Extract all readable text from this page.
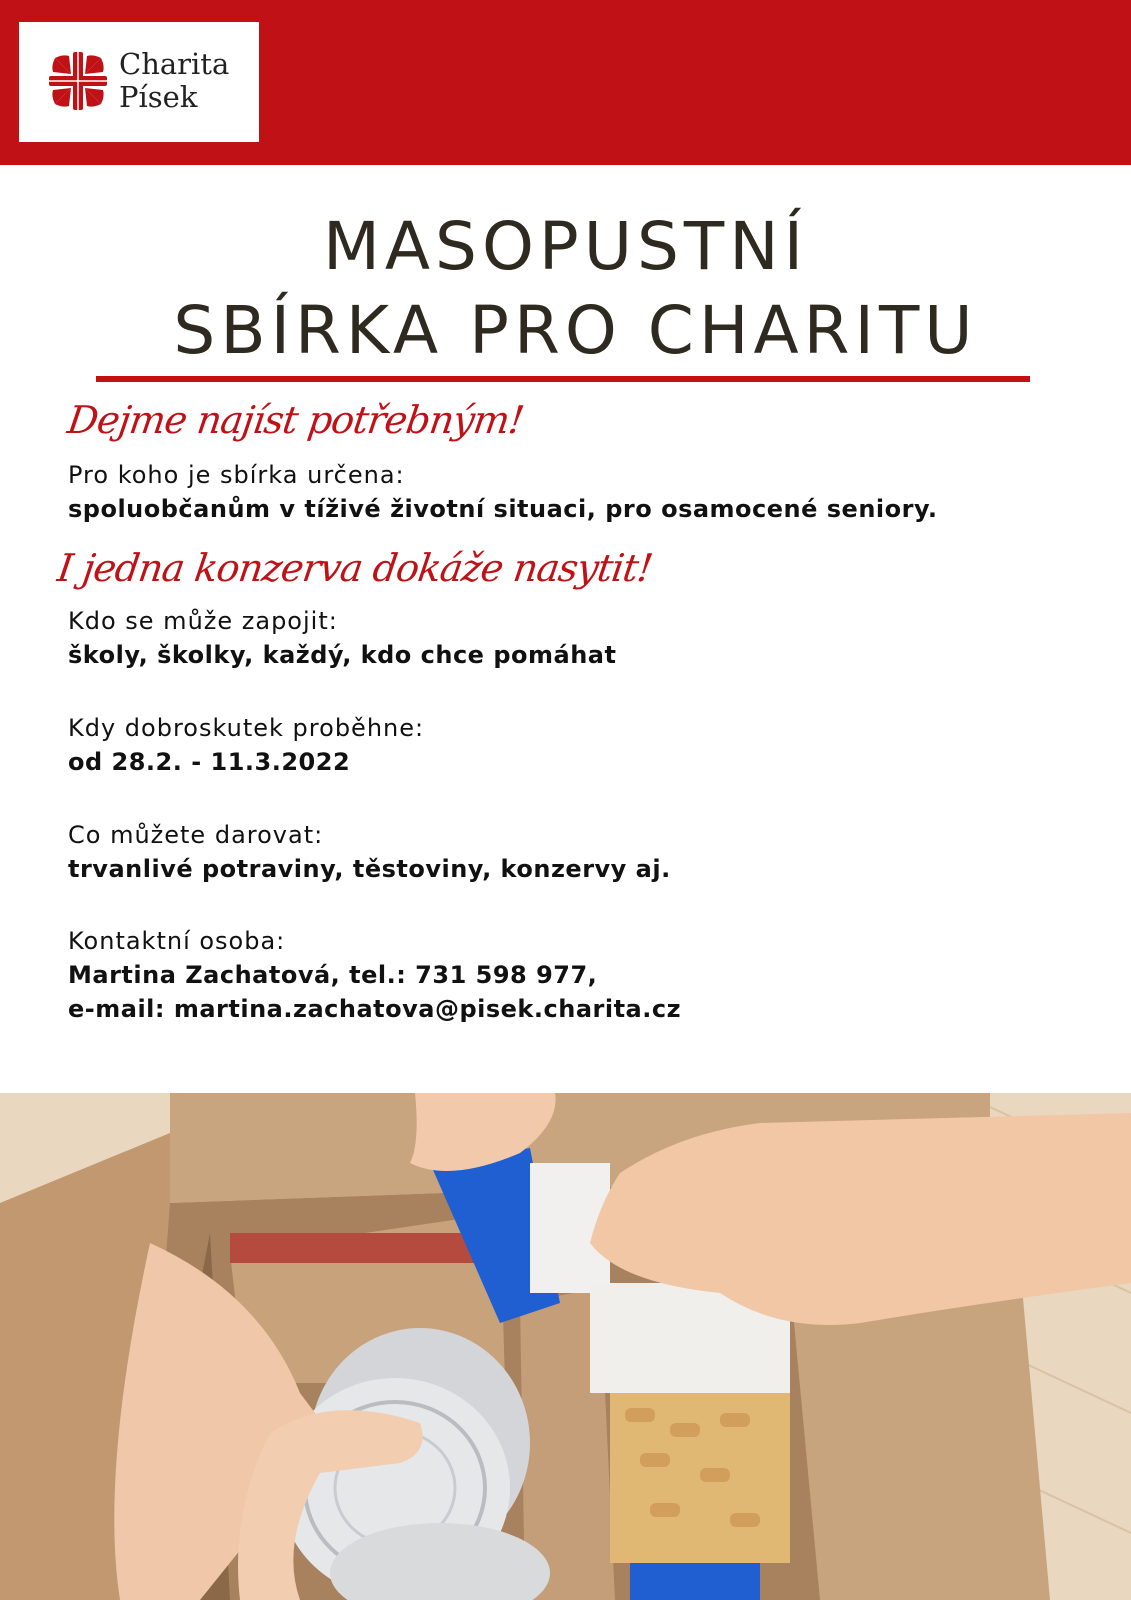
Charita
Písek
MASOPUSTNÍ
SBÍRKA PRO CHARITU
Dejme najíst potřebným!
Pro koho je sbírka určena:
spoluobčanům v tíživé životní situaci, pro osamocené seniory.
I jedna konzerva dokáže nasytit!
Kdo se může zapojit:
školy, školky, každý, kdo chce pomáhat
Kdy dobroskutek proběhne:
od 28.2. - 11.3.2022
Co můžete darovat:
trvanlivé potraviny, těstoviny, konzervy aj.
Kontaktní osoba:
Martina Zachatová, tel.: 731 598 977,
e-mail: martina.zachatova@pisek.charita.cz
